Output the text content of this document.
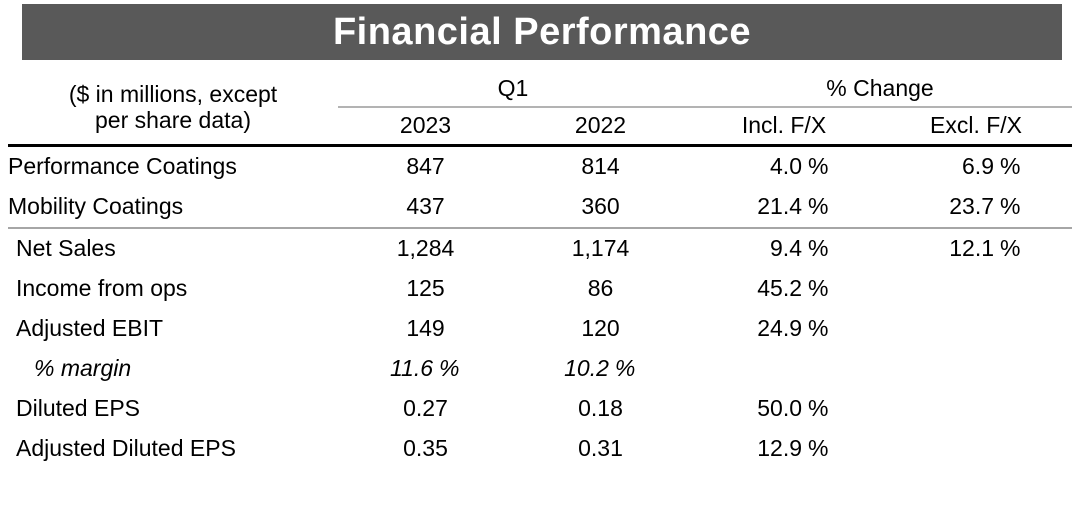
Financial Performance
($ in millions, except
per share data)	Q1		% Change	
	2023	2022	Incl. F/X	Excl. F/X
Performance Coatings	847	814	4.0 %	6.9 %
Mobility Coatings	437	360	21.4 %	23.7 %
Net Sales	1,284	1,174	9.4 %	12.1 %
Income from ops	125	86	45.2 %	
Adjusted EBIT	149	120	24.9 %	
% margin	11.6 %	10.2 %		
Diluted EPS	0.27	0.18	50.0 %	
Adjusted Diluted EPS	0.35	0.31	12.9 %	
